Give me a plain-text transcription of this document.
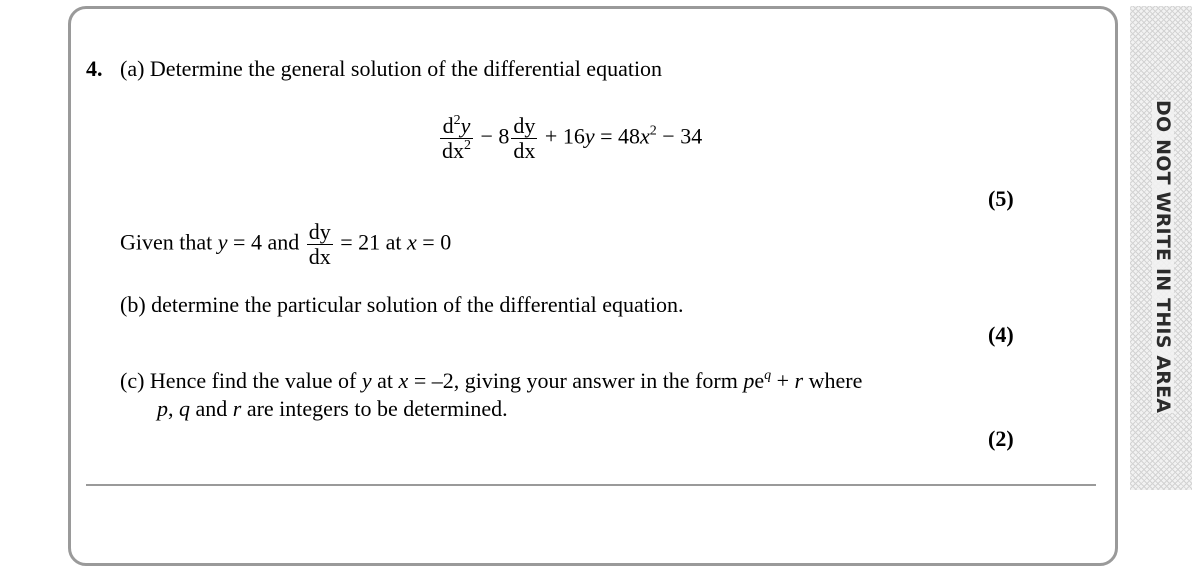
4. (a) Determine the general solution of the differential equation
$\frac{d^2y}{dx^2} - 8 \frac{dy}{dx} + 16y = 48x^2 - 34$
(5)
Given that y = 4 and $\frac{dy}{dx} = 21$ at x = 0
(b) determine the particular solution of the differential equation.
(4)
(c) Hence find the value of y at x = –2, giving your answer in the form $pe^q + r$ where
p, q and r are integers to be determined.
(2)
DO NOT WRITE IN THIS AREA
